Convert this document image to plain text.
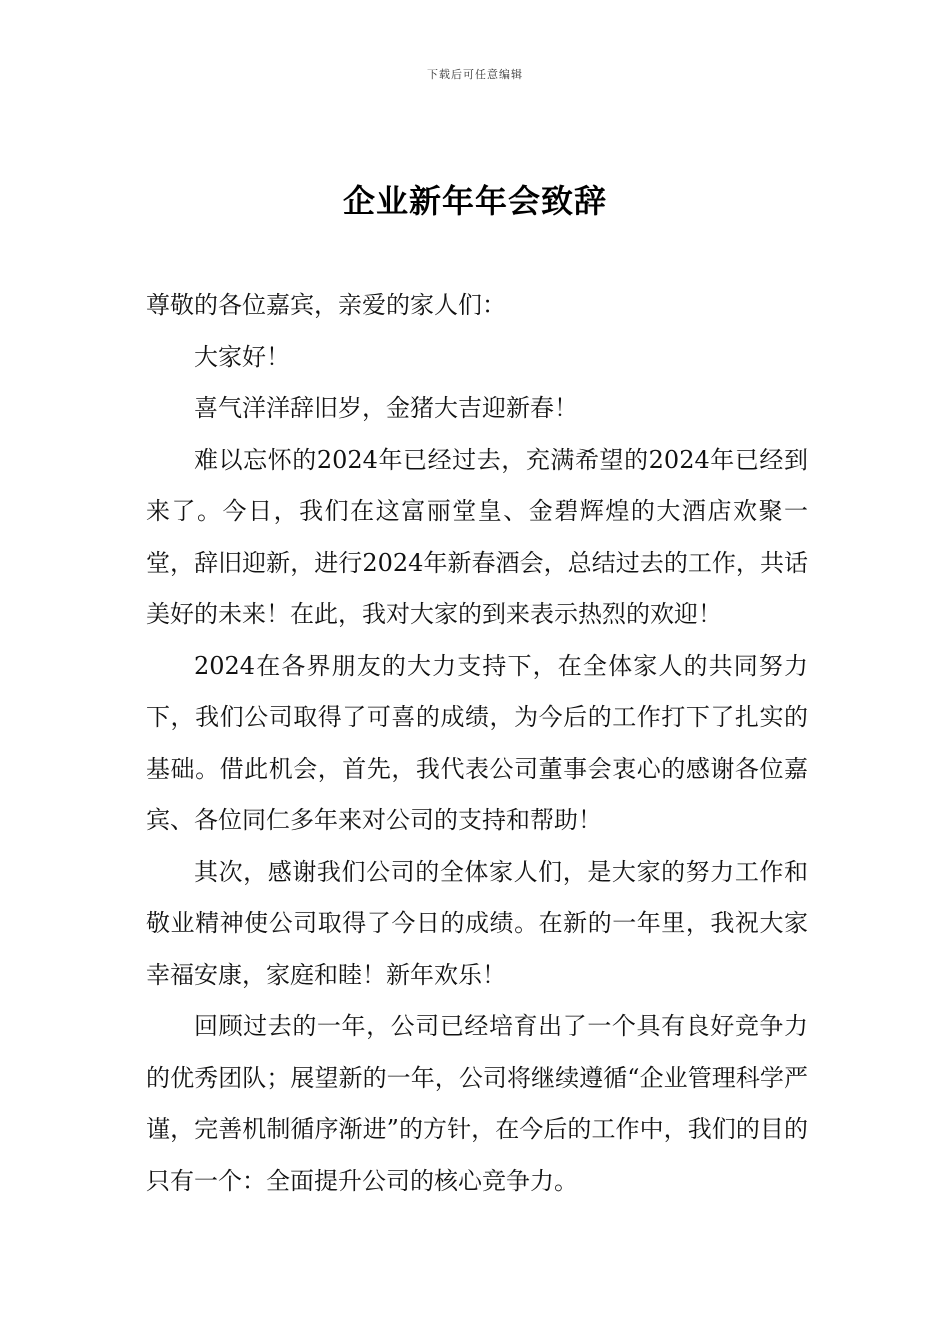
下载后可任意编辑
企业新年年会致辞

尊敬的各位嘉宾，亲爱的家人们：

大家好！

喜气洋洋辞旧岁，金猪大吉迎新春！

难以忘怀的2024年已经过去，充满希望的2024年已经到来了。今日，我们在这富丽堂皇、金碧辉煌的大酒店欢聚一堂，辞旧迎新，进行2024年新春酒会，总结过去的工作，共话美好的未来！在此，我对大家的到来表示热烈的欢迎！

2024在各界朋友的大力支持下，在全体家人的共同努力下，我们公司取得了可喜的成绩，为今后的工作打下了扎实的基础。借此机会，首先，我代表公司董事会衷心的感谢各位嘉宾、各位同仁多年来对公司的支持和帮助！

其次，感谢我们公司的全体家人们，是大家的努力工作和敬业精神使公司取得了今日的成绩。在新的一年里，我祝大家幸福安康，家庭和睦！新年欢乐！

回顾过去的一年，公司已经培育出了一个具有良好竞争力的优秀团队；展望新的一年，公司将继续遵循“企业管理科学严谨，完善机制循序渐进”的方针，在今后的工作中，我们的目的只有一个：全面提升公司的核心竞争力。
